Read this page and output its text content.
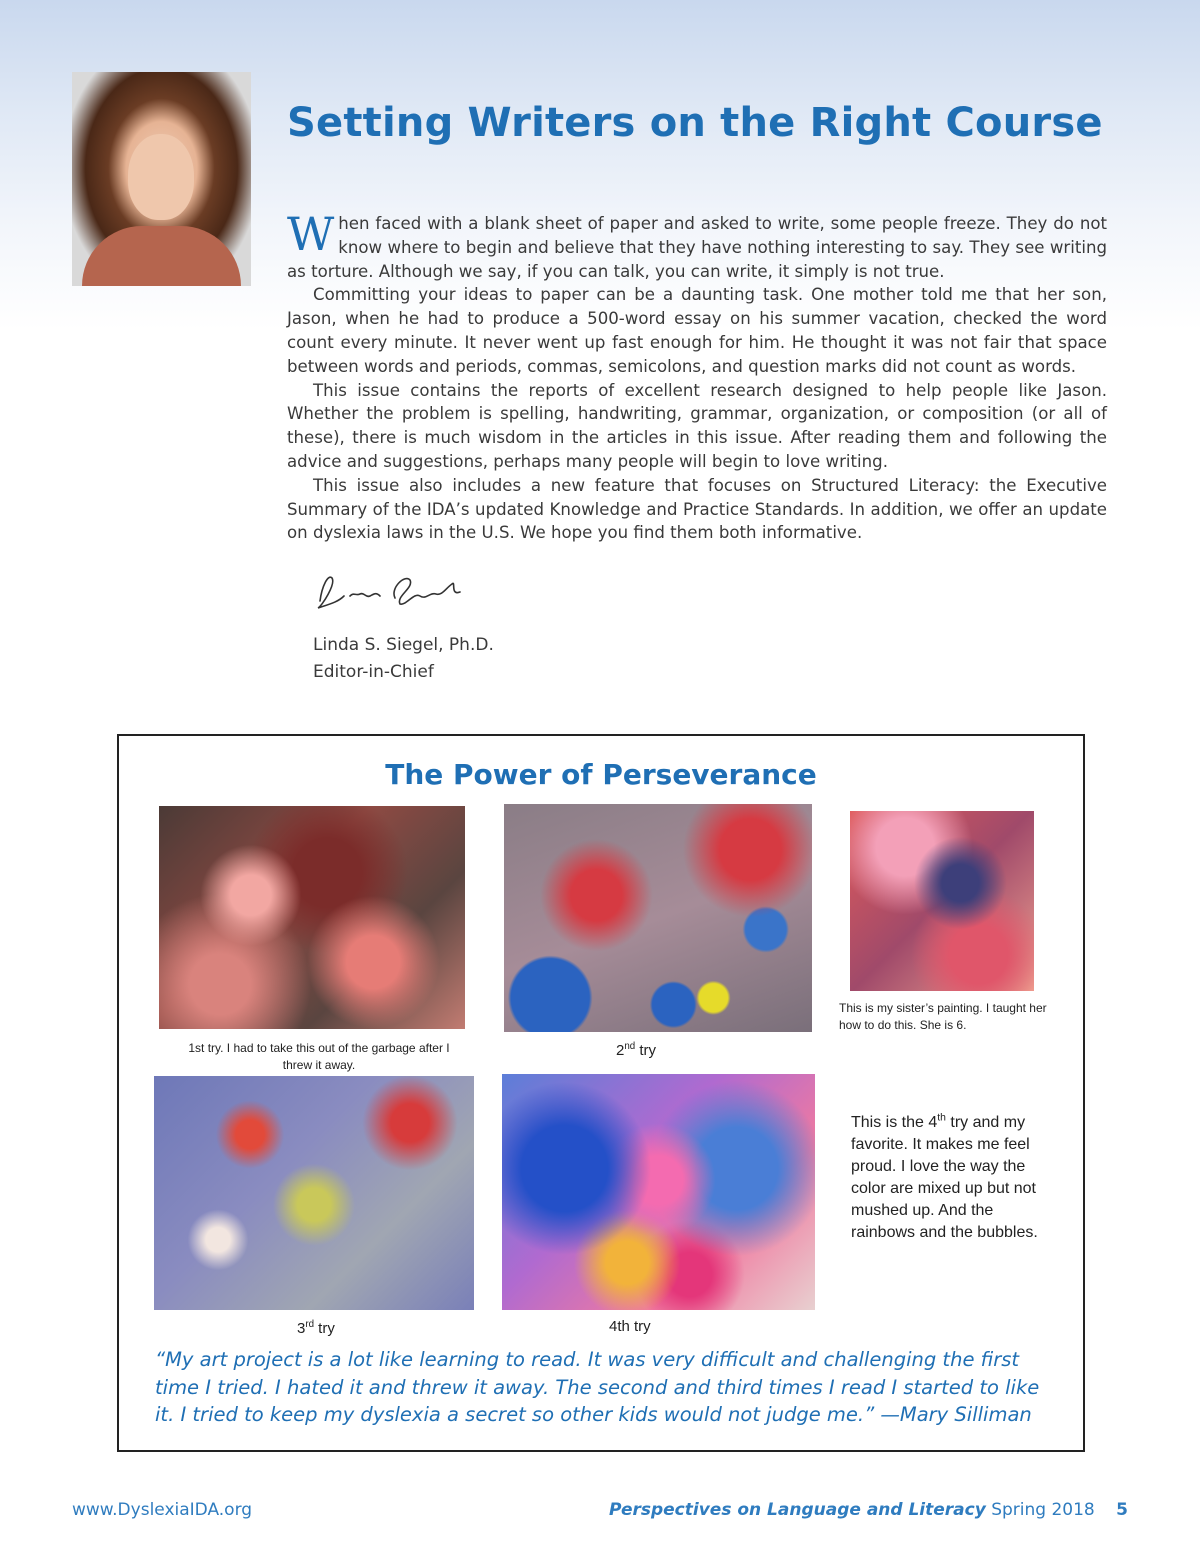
Setting Writers on the Right Course

When faced with a blank sheet of paper and asked to write, some people freeze. They do not know where to begin and believe that they have nothing interesting to say. They see writing as torture. Although we say, if you can talk, you can write, it simply is not true.

Committing your ideas to paper can be a daunting task. One mother told me that her son, Jason, when he had to produce a 500-word essay on his summer vacation, checked the word count every minute. It never went up fast enough for him. He thought it was not fair that space between words and periods, commas, semicolons, and question marks did not count as words.

This issue contains the reports of excellent research designed to help people like Jason. Whether the problem is spelling, handwriting, grammar, organization, or composition (or all of these), there is much wisdom in the articles in this issue. After reading them and following the advice and suggestions, perhaps many people will begin to love writing.

This issue also includes a new feature that focuses on Structured Literacy: the Executive Summary of the IDA’s updated Knowledge and Practice Standards. In addition, we offer an update on dyslexia laws in the U.S. We hope you find them both informative.

Linda S. Siegel, Ph.D.
Editor-in-Chief
The Power of Perseverance
1st try. I had to take this out of the garbage after I threw it away.
2nd try
This is my sister’s painting. I taught her how to do this. She is 6.
3rd try	4th try
This is the 4th try and my favorite. It makes me feel proud. I love the way the color are mixed up but not mushed up. And the rainbows and the bubbles.
“My art project is a lot like learning to read. It was very difficult and challenging the first time I tried. I hated it and threw it away. The second and third times I read I started to like it. I tried to keep my dyslexia a secret so other kids would not judge me.” —Mary Silliman
www.DyslexiaIDA.org	Perspectives on Language and Literacy Spring 2018 5
